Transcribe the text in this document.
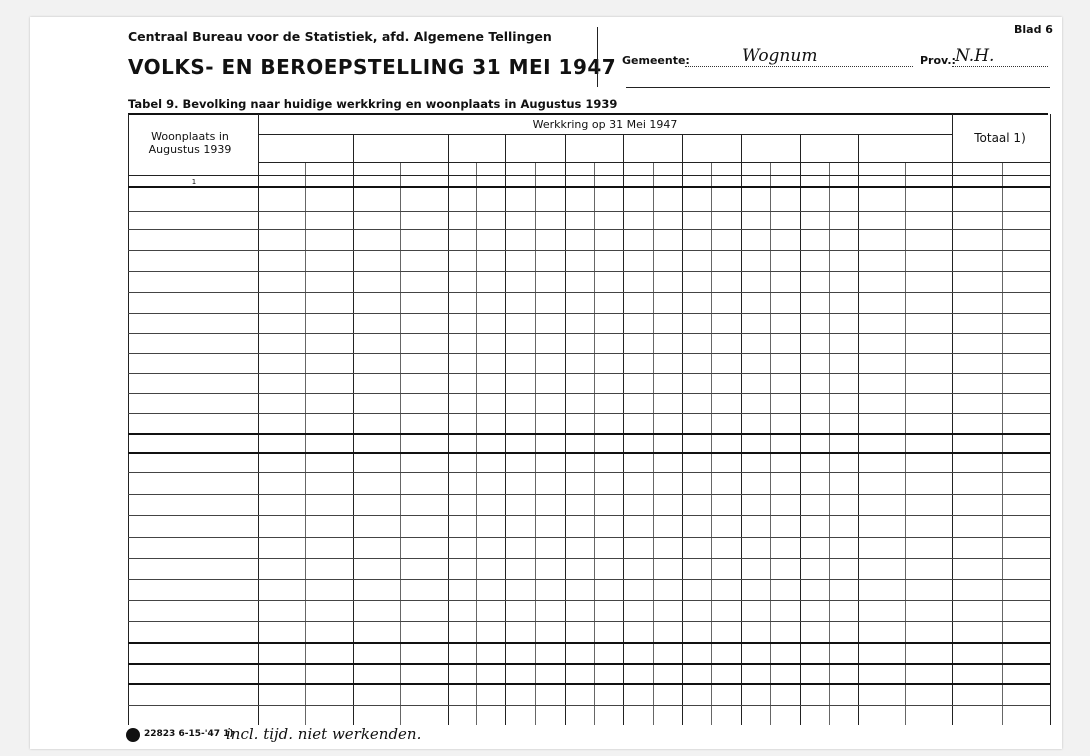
Centraal Bureau voor de Statistiek, afd. Algemene Tellingen
VOLKS- EN BEROEPSTELLING 31 MEI 1947
Blad 6
Gemeente:	Wognum	Prov.: N.H.
Tabel 9. Bevolking naar huidige werkkring en woonplaats in Augustus 1939
Woonplaats in Augustus 1939
Werkkring op 31 Mei 1947
Totaal 1)
1
22823 6-15-'47 1)
incl. tijd. niet werkenden.
